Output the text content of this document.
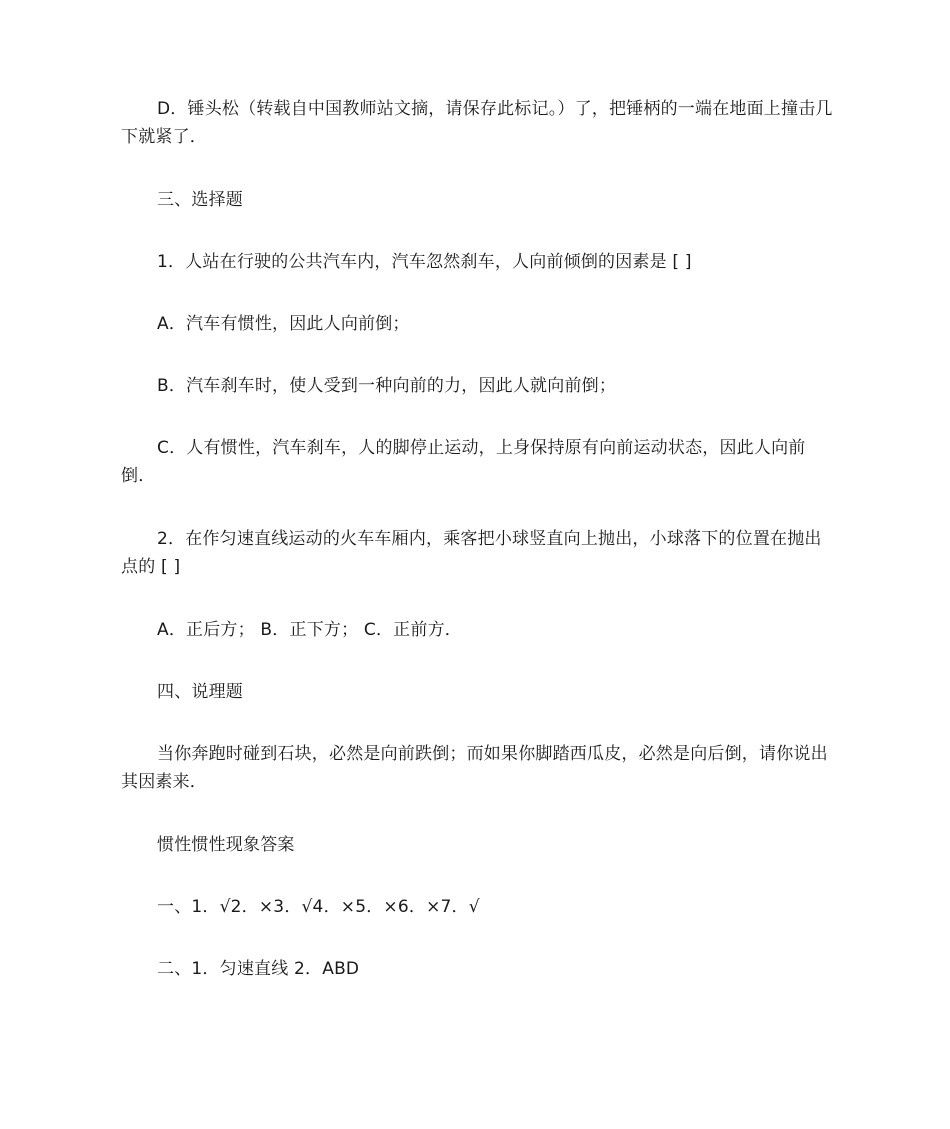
D．锤头松（转载自中国教师站文摘，请保存此标记。）了，把锤柄的一端在地面上撞击几下就紧了．

三、选择题

1．人站在行驶的公共汽车内，汽车忽然刹车，人向前倾倒的因素是 [ ]

A．汽车有惯性，因此人向前倒；

B．汽车刹车时，使人受到一种向前的力，因此人就向前倒；

C．人有惯性，汽车刹车，人的脚停止运动，上身保持原有向前运动状态，因此人向前倒．

2．在作匀速直线运动的火车车厢内，乘客把小球竖直向上抛出，小球落下的位置在抛出点的 [ ]

A．正后方； B．正下方； C．正前方．

四、说理题

当你奔跑时碰到石块，必然是向前跌倒；而如果你脚踏西瓜皮，必然是向后倒，请你说出其因素来．

惯性惯性现象答案

一、1．√2．×3．√4．×5．×6．×7．√

二、1．匀速直线 2．ABD
